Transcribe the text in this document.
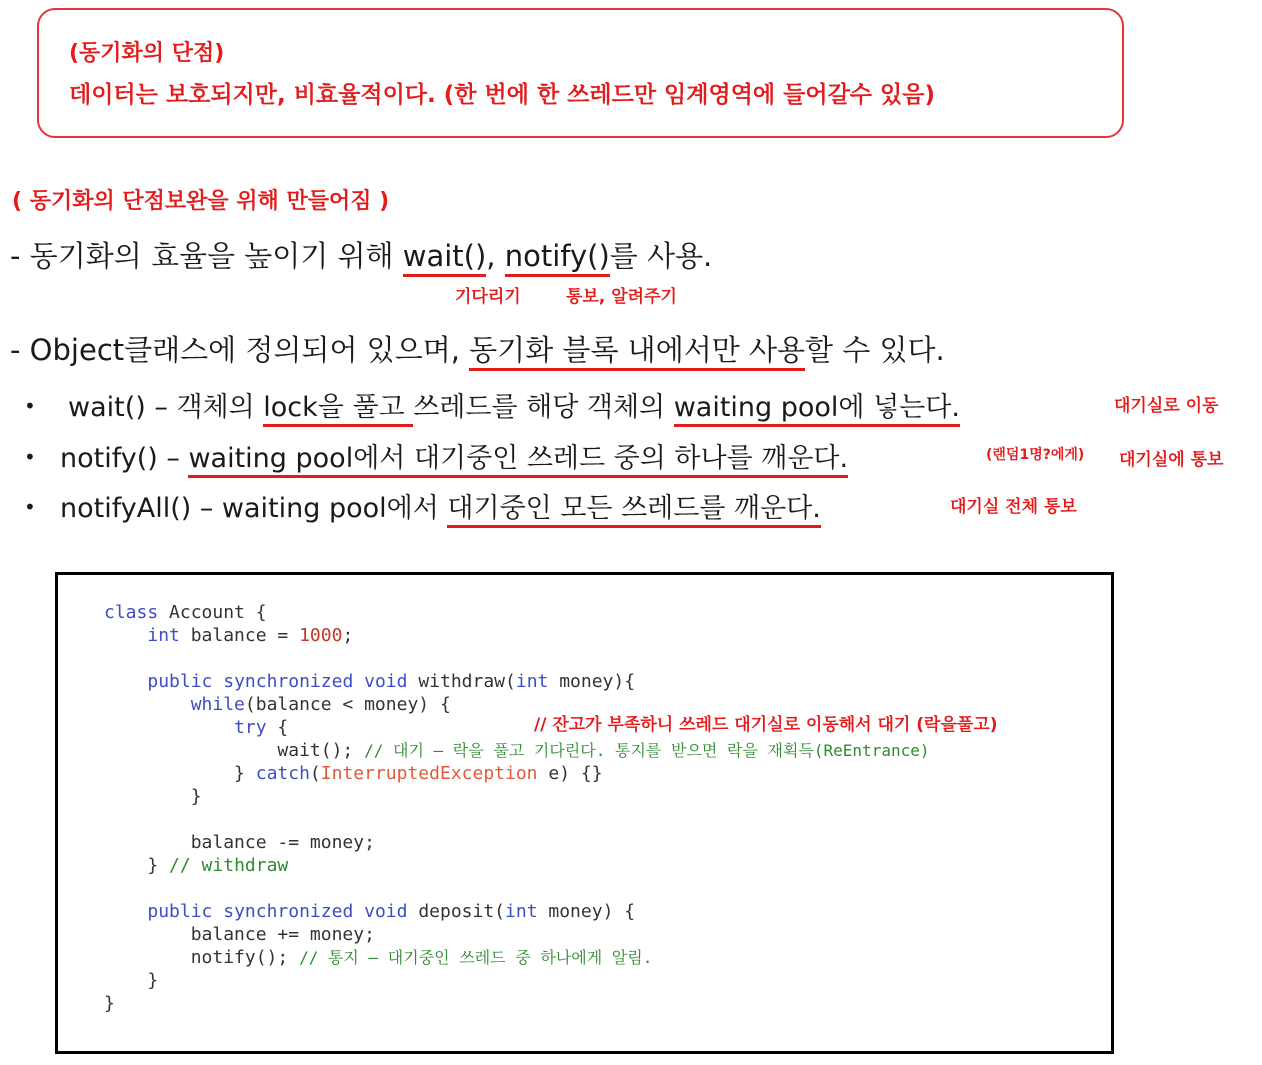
(동기화의 단점)
데이터는 보호되지만, 비효율적이다. (한 번에 한 쓰레드만 임계영역에 들어갈수 있음)
( 동기화의 단점보완을 위해 만들어짐 )
- 동기화의 효율을 높이기 위해 wait(), notify()를 사용.
기다리기	통보, 알려주기
- Object클래스에 정의되어 있으며, 동기화 블록 내에서만 사용할 수 있다.
• wait() – 객체의 lock을 풀고 쓰레드를 해당 객체의 waiting pool에 넣는다.	대기실로 이동
• notify() – waiting pool에서 대기중인 쓰레드 중의 하나를 깨운다.	(랜덤1명?에게) 대기실에 통보
• notifyAll() – waiting pool에서 대기중인 모든 쓰레드를 깨운다.	대기실 전체 통보
class Account {
int balance = 1000;

public synchronized void withdraw(int money){
while(balance < money) {
try {
wait(); // 대기 – 락을 풀고 기다린다. 통지를 받으면 락을 재획득(ReEntrance)
} catch(InterruptedException e) {}
}

balance -= money;
} // withdraw

public synchronized void deposit(int money) {
balance += money;
notify(); // 통지 – 대기중인 쓰레드 중 하나에게 알림.
}
}
// 잔고가 부족하니 쓰레드 대기실로 이동해서 대기 (락을풀고)
